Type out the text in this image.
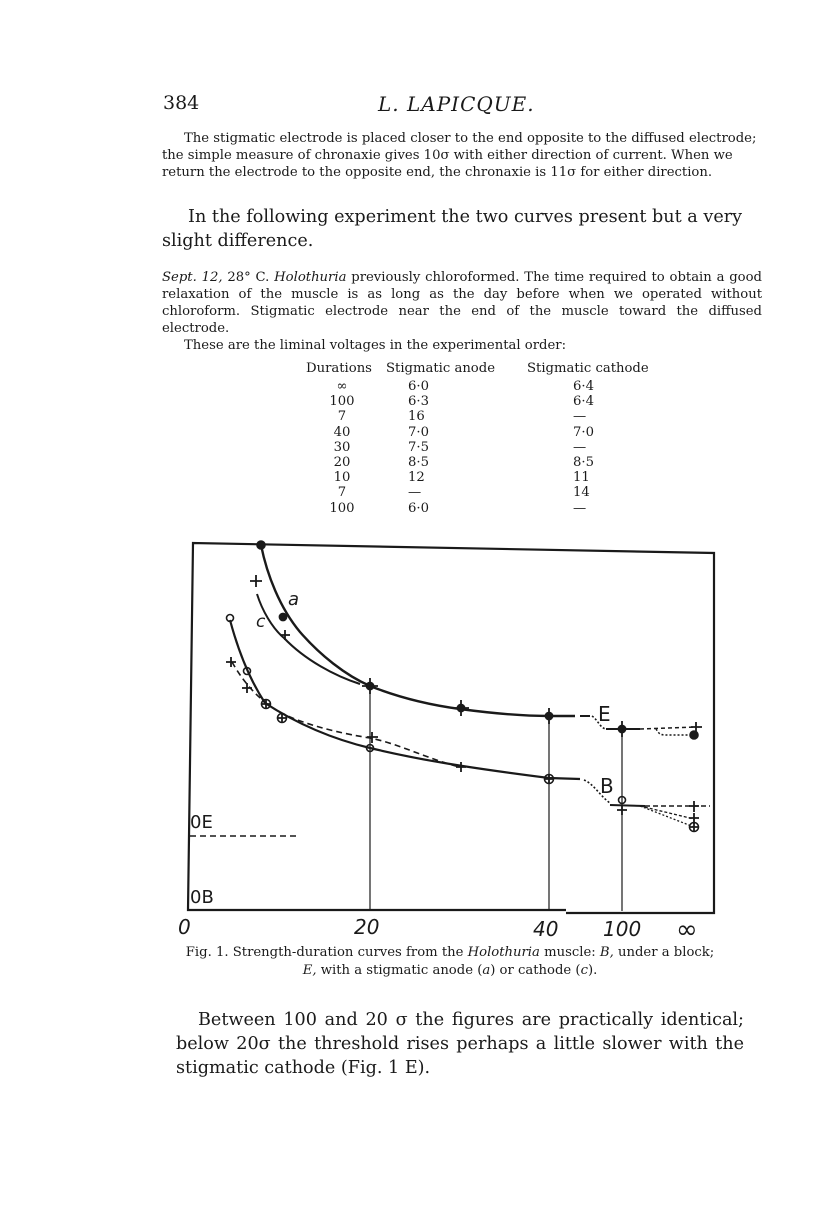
384	L. LAPICQUE.

The stigmatic electrode is placed closer to the end opposite to the diffused electrode;

the simple measure of chronaxie gives 10σ with either direction of current. When we

return the electrode to the opposite end, the chronaxie is 11σ for either direction.

In the following experiment the two curves present but a very slight difference.

Sept. 12, 28° C. Holothuria previously chloroformed. The time required to obtain a good relaxation of the muscle is as long as the day before when we operated without chloroform. Stigmatic electrode near the end of the muscle toward the diffused electrode.

These are the liminal voltages in the experimental order:

Durations	Stigmatic anode	Stigmatic cathode
∞	6·0	6·4
100	6·3	6·4
7	16	—
40	7·0	7·0
30	7·5	—
20	8·5	8·5
10	12	11
7	—	14
100	6·0	—
a
c
E
B
0E
0B
0	20	40 100 ∞
Fig. 1. Strength-duration curves from the Holothuria muscle: B, under a block;
E, with a stigmatic anode (a) or cathode (c).

Between 100 and 20 σ the figures are practically identical; below 20σ the threshold rises perhaps a little slower with the stigmatic cathode (Fig. 1 E).
